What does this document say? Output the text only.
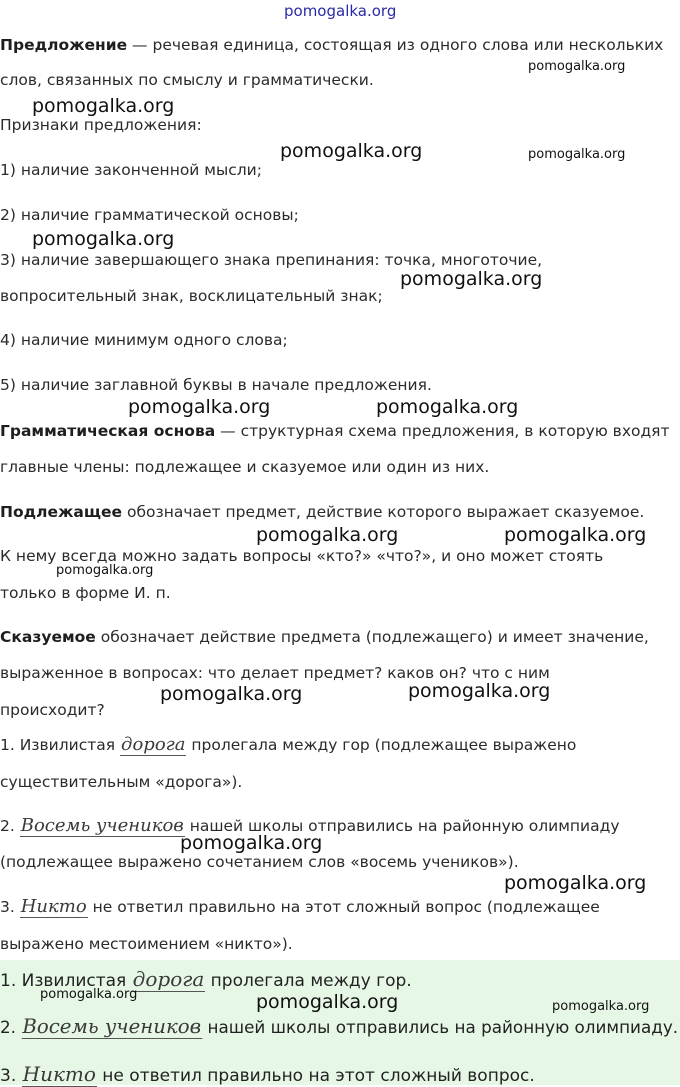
pomogalka.org
Предложение — речевая единица, состоящая из одного слова или нескольких
слов, связанных по смыслу и грамматически.
Признаки предложения:
1) наличие законченной мысли;
2) наличие грамматической основы;
3) наличие завершающего знака препинания: точка, многоточие,
вопросительный знак, восклицательный знак;
4) наличие минимум одного слова;
5) наличие заглавной буквы в начале предложения.
Грамматическая основа — структурная схема предложения, в которую входят
главные члены: подлежащее и сказуемое или один из них.
Подлежащее обозначает предмет, действие которого выражает сказуемое.
К нему всегда можно задать вопросы «кто?» «что?», и оно может стоять
только в форме И. п.
Сказуемое обозначает действие предмета (подлежащего) и имеет значение,
выраженное в вопросах: что делает предмет? каков он? что с ним
происходит?
1. Извилистая дорога пролегала между гор (подлежащее выражено
существительным «дорога»).
2. Восемь учеников нашей школы отправились на районную олимпиаду
(подлежащее выражено сочетанием слов «восемь учеников»).
3. Никто не ответил правильно на этот сложный вопрос (подлежащее
выражено местоимением «никто»).
1. Извилистая дорога пролегала между гор.
2. Восемь учеников нашей школы отправились на районную олимпиаду.
3. Никто не ответил правильно на этот сложный вопрос.
pomogalka.org
pomogalka.org
pomogalka.org	pomogalka.org
pomogalka.org
pomogalka.org
pomogalka.org	pomogalka.org
pomogalka.org	pomogalka.org
pomogalka.org
pomogalka.org	pomogalka.org
pomogalka.org
pomogalka.org
pomogalka.org	pomogalka.org	pomogalka.org
